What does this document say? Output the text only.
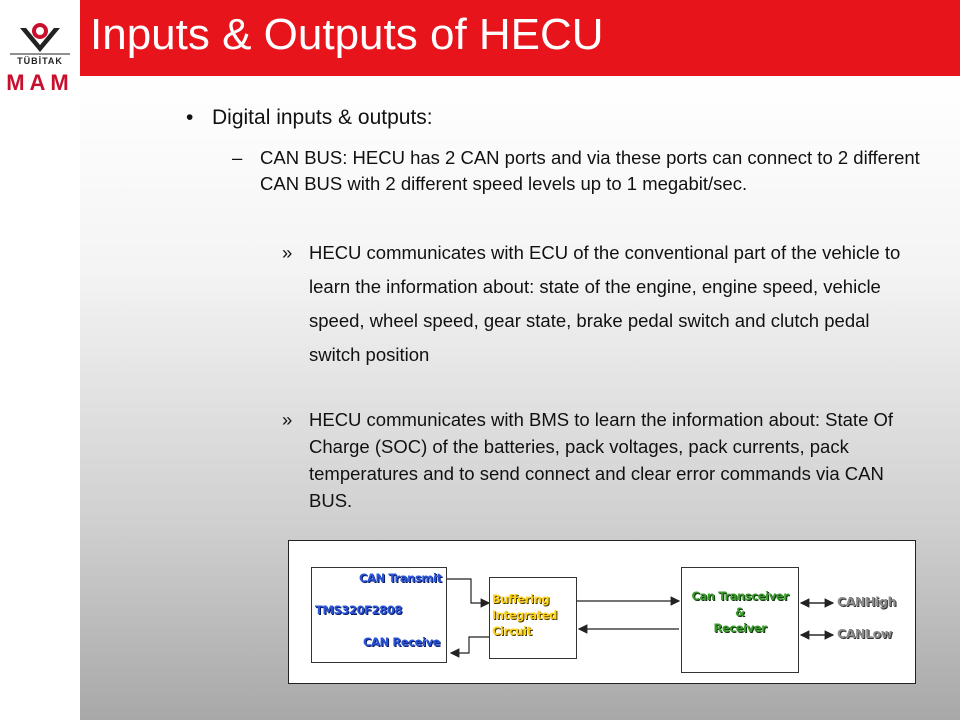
TÜBİTAK
MAM
Inputs & Outputs of HECU
• Digital inputs & outputs:
– CAN BUS: HECU has 2 CAN ports and via these ports can connect to 2 different CAN BUS with 2 different speed levels up to 1 megabit/sec.
» HECU communicates with ECU of the conventional part of the vehicle to learn the information about: state of the engine, engine speed, vehicle speed, wheel speed, gear state, brake pedal switch and clutch pedal switch position
» HECU communicates with BMS to learn the information about: State Of Charge (SOC) of the batteries, pack voltages, pack currents, pack temperatures and to send connect and clear error commands via CAN BUS.
CAN Transmit
TMS320F2808
CAN Receive
Buffering
Integrated
Circuit
Can Transceiver
&
Receiver
CANHigh
CANLow
